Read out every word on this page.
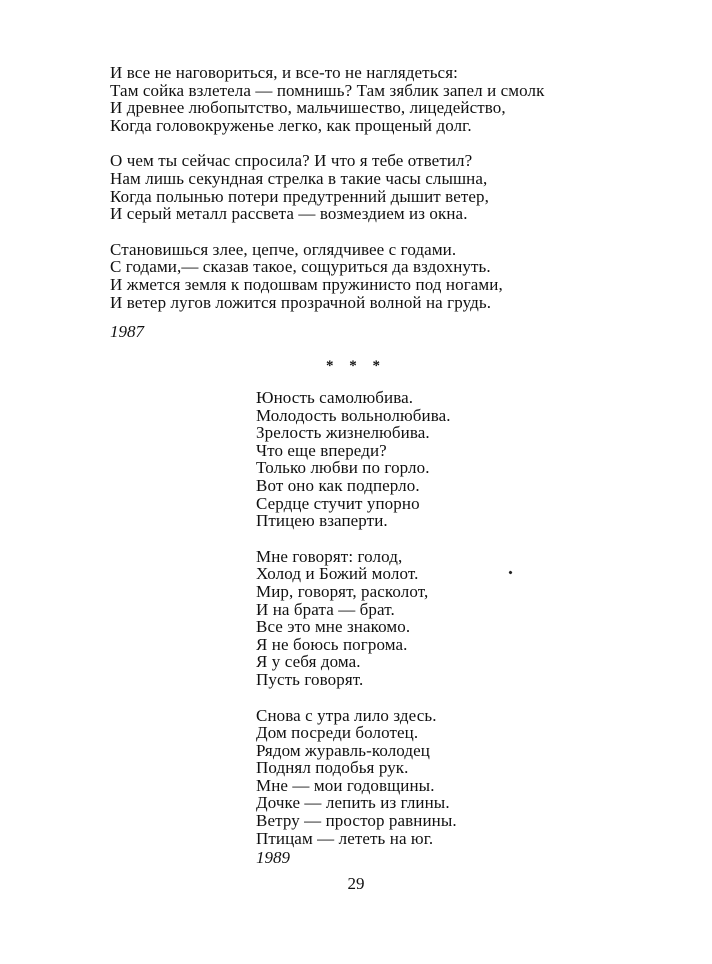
И все не наговориться, и все-то не наглядеться:
Там сойка взлетела — помнишь? Там зяблик запел и смолк
И древнее любопытство, мальчишество, лицедейство,
Когда головокруженье легко, как прощеный долг.
О чем ты сейчас спросила? И что я тебе ответил?
Нам лишь секундная стрелка в такие часы слышна,
Когда полынью потери предутренний дышит ветер,
И серый металл рассвета — возмездием из окна.
Становишься злее, цепче, оглядчивее с годами.
С годами,— сказав такое, сощуриться да вздохнуть.
И жмется земля к подошвам пружинисто под ногами,
И ветер лугов ложится прозрачной волной на грудь.
1987
* * *
Юность самолюбива.
Молодость вольнолюбива.
Зрелость жизнелюбива.
Что еще впереди?
Только любви по горло.
Вот оно как подперло.
Сердце стучит упорно
Птицею взаперти.
Мне говорят: голод,
Холод и Божий молот.
Мир, говорят, расколот,
И на брата — брат.
Все это мне знакомо.
Я не боюсь погрома.
Я у себя дома.
Пусть говорят.
Снова с утра лило здесь.
Дом посреди болотец.
Рядом журавль-колодец
Поднял подобья рук.
Мне — мои годовщины.
Дочке — лепить из глины.
Ветру — простор равнины.
Птицам — лететь на юг.
1989
29
